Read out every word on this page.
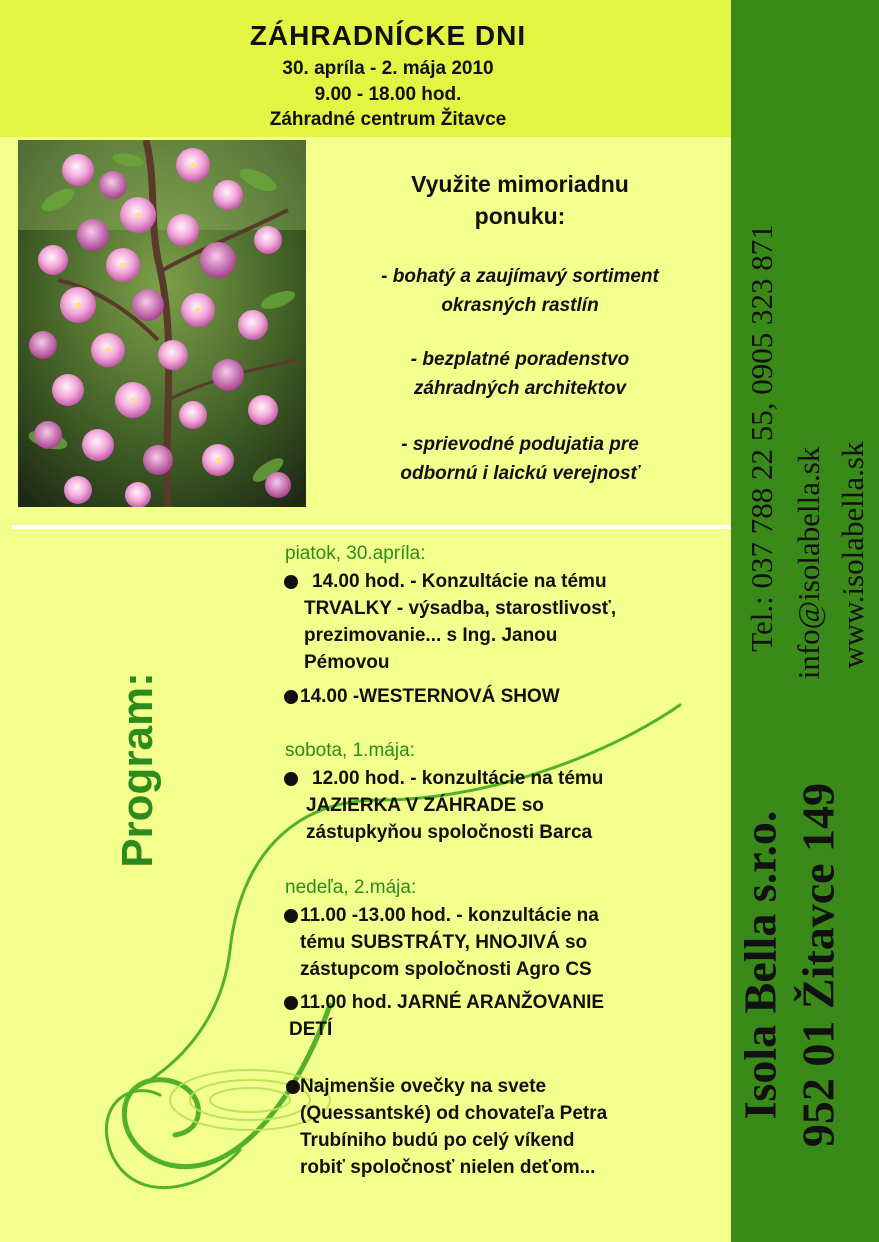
ZÁHRADNÍCKE DNI
30. apríla - 2. mája 2010
9.00 - 18.00 hod.
Záhradné centrum Žitavce
Využite mimoriadnu
ponuku:
- bohatý a zaujímavý sortiment
okrasných rastlín
- bezplatné poradenstvo
záhradných architektov
- sprievodné podujatia pre
odbornú i laickú verejnosť
Program:
piatok, 30.apríla:
14.00 hod. - Konzultácie na tému
TRVALKY - výsadba, starostlivosť,
prezimovanie... s Ing. Janou
Pémovou
14.00 -WESTERNOVÁ SHOW
sobota, 1.mája:
12.00 hod. - konzultácie na tému
JAZIERKA V ZÁHRADE so
zástupkyňou spoločnosti Barca
nedeľa, 2.mája:
11.00 -13.00 hod. - konzultácie na
tému SUBSTRÁTY, HNOJIVÁ so
zástupcom spoločnosti Agro CS
11.00 hod. JARNÉ ARANŽOVANIE
DETÍ
Najmenšie ovečky na svete
(Quessantské) od chovateľa Petra
Trubíniho budú po celý víkend
robiť spoločnosť nielen deťom...
Isola Bella s.r.o. 952 01 Žitavce 149
Tel.: 037 788 22 55, 0905 323 871 info@isolabella.sk www.isolabella.sk
